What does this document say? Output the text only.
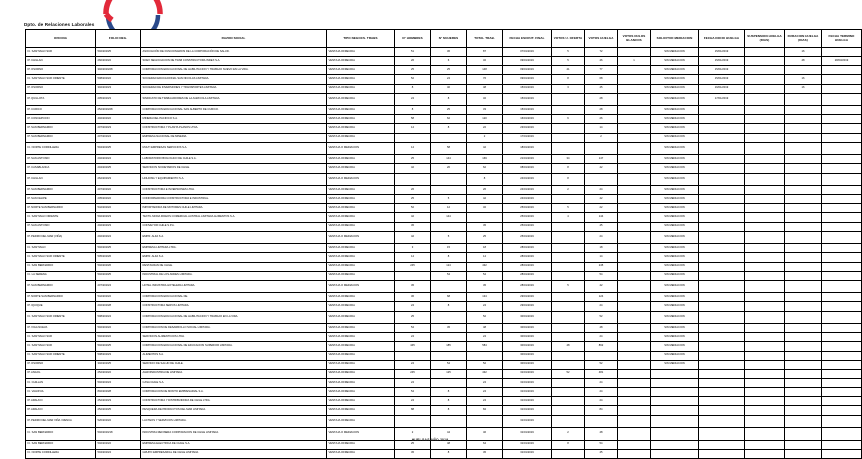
Dpto. de Relaciones Laborales
OFICINA	FOLIO NEG.	RAZON SOCIAL	TIPO NEGOCS. TRABS	N° HOMBRES	N° MUJERES	TOTAL TRAB.	FECHA ESCRUT. FINAL	VOTOS U. OFERTA	VOTOS HUELGA	VOTOS NULOS BLANCOS	SOLICITUD MEDIACION	FECHA INICIO HUELGA	SUSPENSION HUELGA (DIAS)	DURACION HUELGA (DIAS)	FECHA TERMINO HUELGA
IC. SANTIAGO SUR	502/2019/5	ASOCIACIÓN DE FUNCIONARIOS DE LA CORPORACIÓN DE SALUD.	VENTAJA OFRECIDA	51	36	87	07/01/2019	5	72		SIN MEDIACION	15/01/2019		16	
IP. CHILLAN	260/2019/2	SOEX NEGOCIACION DE TRAB CONSTRUCTORA INDEX S.A.	VENTAJA OFRECIDA	26	6	32	09/01/2019	5	46	1	SIN MEDIACION	15/01/2019		48	28/03/2019
IP. OSORNO	302/2019/28	CORPORACION EDUCACIONAL DE HABILITACION Y TRABAJO NUEVO EN LA VIDA.	VENTAJA OFRECIDA	25	25	148	09/01/2019	41	77		SIN MEDIACION	15/01/2019			
IC. SANTIAGO SUR ORIENTE	508/2019/2	SOCIEDAD EDUCACIONAL SAN NICOLAS LIMITADA.	VENTAJA OFRECIDA	52	24	76	09/01/2019	8	68		SIN MEDIACION	15/01/2019		16	
IP. OSORNO	302/2019/3	SOCIEDAD DE INVERSIONES Y TRANSPORTES LIMITADA.	VENTAJA OFRECIDA	8	40	48	15/01/2019	3	45		SIN MEDIACION	16/01/2019		16	
IP. QUILLOTA	205/2019/3	SINDICATO DE TRABAJADORES DE LA AGRICOLA LIMITADA.	VENTAJA OFRECIDA	24	8	32	15/01/2019		28		SIN MEDIACION	17/01/2019			
IP. CURICO	252/2019/28	CORPORACION EDUCACIONAL SAN ALBERTO DE CURICO.	VENTAJA OFRECIDA	8	25	33	15/01/2019		28		SIN MEDIACION				
IP. CONCEPCION	402/2019/2	MINERA DEL PACIFICO S.A.	VENTAJA OFRECIDA	58	62	120	16/01/2019	6	26		SIN MEDIACION				
IP. SAN BERNARDO	207/2019/3	CONSTRUCTORA Y PLANTA PLANOS LTDA.	VENTAJA OFRECIDA	14	8	22	23/01/2019		14		SIN MEDIACION				
IP. SAN BERNARDO	207/2019/4	EMPRESA NACIONAL DE MINERIA.	VENTAJA OFRECIDA			2	17/01/2019		2		SIN MEDIACION				
IC. NORTE CORDILLERA	504/2019/5	MULTI EMPRESAS SERVICIOS S.A.	VENTAJA O MEDIACION	14	58	42	18/01/2019				SIN MEDIACION				
IP. SAN ANTONIO	202/2019/4	LABORATORIO BIOLOGICO DE CHILE S.A.	VENTAJA OFRECIDA	25	144	169	21/01/2019	34	147		SIN MEDIACION				
IP. CASABLANCA	204/2019/5	SERVICIOS SOCIETARIOS DE CHILE.	VENTAJA OFRECIDA	42	20	62	08/01/2019	8	42		SIN MEDIACION				
IP. CHILLAN	262/2019/3	HOLDING Y EQUIPAMIENTO S.A.	VENTAJA O MEDIACION			8	24/01/2019	8			SIN MEDIACION				
IP. SAN BERNARDO	207/2019/2	CONSTRUCTORA E INVERSIONES LTDA.	VENTAJA OFRECIDA	26		26	24/01/2019	2	24		SIN MEDIACION				
IP. SAN FELIPE	205/2019/2	CONFORMADORA CONSTRUCTORA E INDUSTRIAL.	VENTAJA OFRECIDA	25	5	42	24/01/2019		42		SIN MEDIACION				
IP. NORTE SAN BERNARDO	542/2019/2	IMPORTADORA DE MOTORES CHILE LIMITADA.	VENTAJA OFRECIDA	52	12	32	25/01/2019	5	22		SIN MEDIACION				
IC. SANTIAGO ORIENTE	502/2019/3	TEXTIL MODA FIDEOS COMERCIAL AUSTRAL LIMITADA ALIMENTOS S.A.	VENTAJA OFRECIDA	42	144		25/01/2019	4	144		SIN MEDIACION				
IP. SAN ANTONIO	202/2019/3	CONVEYOR CHILE S.P.A.	VENTAJA OFRECIDA	45		45	25/01/2019		45		SIN MEDIACION				
IP. PEDRO DEL MAR (VIÑA)	202/2019/4	EMPR. ALFA S.A.	VENTAJA O MEDIACION	42	5	25	25/01/2019		24		SIN MEDIACION				
IC. SANTIAGO	502/2019/5	EMPRESA LIMITADA LTDA.	VENTAJA OFRECIDA	3	15	18	28/01/2019		18		SIN MEDIACION				
IC. SANTIAGO SUR ORIENTE	505/2019/6	EMPR. ALFA S.A.	VENTAJA OFRECIDA	14	8	14	28/01/2019		14		SIN MEDIACION				
IC. SAN BERNARDO	502/2019/6	RESTAURAN DE CHILE.	VENTAJA OFRECIDA	245	124	432	28/01/2019		245		SIN MEDIACION				
IC. LA SERENA	502/2019/5	INDUSTRIAL DE LOS ANDES LIMITADA.	VENTAJA OFRECIDA		54	54	28/01/2019		54		SIN MEDIACION				
IP. SAN BERNARDO	207/2019/4	HOTEL INDUSTRIA HOTELERA LIMITADA.	VENTAJA O MEDIACION	45		45	28/01/2019	5	42		SIN MEDIACION				
IP. NORTE SAN BERNARDO	542/2019/2	CORPORACION EDUCACIONAL DE.	VENTAJA OFRECIDA	36	68	134	29/01/2019		124		SIN MEDIACION				
IP. IQUIQUE	202/2019/8	CONSTRUCTORA SERVIS LIMITADA.	VENTAJA OFRECIDA	24	8	24	29/01/2019		24		SIN MEDIACION				
IC. SANTIAGO SUR ORIENTE	508/2019/4	CORPORACION EDUCACIONAL DE HABILITACION Y TRABAJO EN LA VIDA.	VENTAJA OFRECIDA	25		52	30/01/2019		52		SIN MEDIACION				
IP. VIGA NUEVA	502/2019/2	CORPORACION DE DESARROLLO SOCIAL LIMITADA.	VENTAJA OFRECIDA	54	45	48	30/01/2019		48		SIN MEDIACION				
IC. SANTIAGO SUR	502/2019/2	SERVICIOS ALIMENTICIOS LTDA.	VENTAJA OFRECIDA	24		24	30/01/2019		24		SIN MEDIACION				
IC. SANTIAGO SUR	502/2019/5	CORPORACION EDUCACIONAL DE EDUCACION SUPERIOR LIMITADA.	VENTAJA OFRECIDA	445	185	584	30/01/2019	48	862		SIN MEDIACION				
IC. SANTIAGO SUR ORIENTE	508/2019/3	ALIMENTOS S.A.	VENTAJA OFRECIDA				30/01/2019				SIN MEDIACION				
IP. OSORNO	302/2019/5	SERVICIO DE SALUD DE CHILE.	VENTAJA OFRECIDA	24	54	52	30/01/2019		52		SIN MEDIACION				
IP. ANGOL	252/2019/2	AGROINDUSTRIA DE LIMITADA.	VENTAJA OFRECIDA	245	125	432	31/01/2019	52	481						
IC. CHILLAN	502/2019/4	CASA CHILE S.A.	VENTAJA OFRECIDA	24		24	31/01/2019		24						
IC. VALDIVIA	802/2019/8	CORPORACION DE MONTO EMPRESARIAL S.A.	VENTAJA OFRECIDA	54	8	24	31/01/2019		24						
IP. ARAUCO	252/2019/3	CONSTRUCTORA Y DISTRIBUIDORA DE CHILE LTDA.	VENTAJA OFRECIDA	24	8	24	31/01/2019		24						
IP. ARAUCO	252/2019/5	PESQUERA DE PRODUCTOS DEL MAR LIMITADA.	VENTAJA OFRECIDA	88	8	84	31/01/2019		84						
IP. PEDRO DEL MAR VIÑA / RENCA	520/2019/2	LACTEOS Y SERVICIOS LIMITADA.	VENTAJA OFRECIDA				31/01/2019								
IC. SAN BERNARDO	502/2019/18	INDUSTRIA REFINERA CORPORACION DE CHILE LIMITADA.	VENTAJA O MEDIACION	2	44	46	31/01/2019	2	48						
IC. SAN BERNARDO	502/2019/2	EMPRESA ELECTRICA DE CHILE S.A.	VENTAJA OFRECIDA	25	48	64	31/01/2019	8	54						
IC. NORTE CORDILLERA	504/2019/4	GRUPO EMPRESARIAL DE CHILE LIMITADA.	VENTAJA OFRECIDA	45	8	45	31/01/2019		45						
HUELGAS AÑO 2019
